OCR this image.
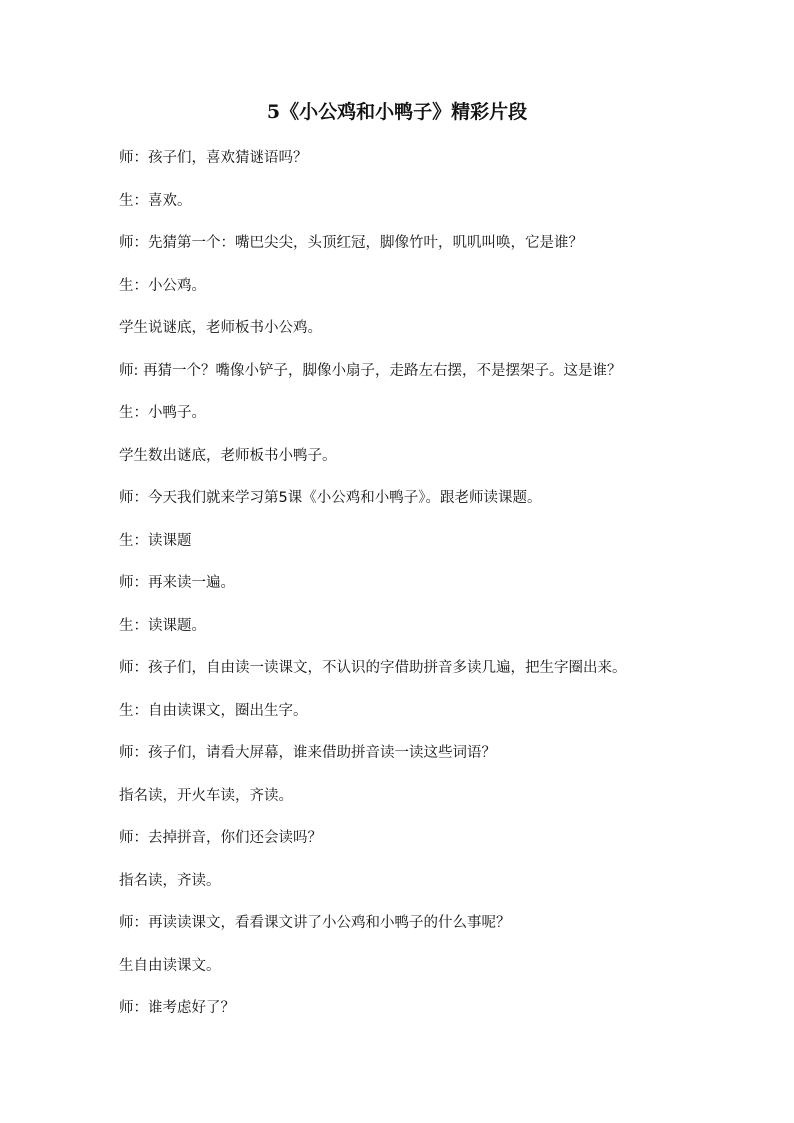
5《小公鸡和小鸭子》精彩片段
师：孩子们，喜欢猜谜语吗？
生：喜欢。
师：先猜第一个：嘴巴尖尖，头顶红冠，脚像竹叶，叽叽叫唤，它是谁？
生：小公鸡。
学生说谜底，老师板书小公鸡。
师: 再猜一个？嘴像小铲子，脚像小扇子，走路左右摆，不是摆架子。这是谁？
生：小鸭子。
学生数出谜底，老师板书小鸭子。
师：今天我们就来学习第5课《小公鸡和小鸭子》。跟老师读课题。
生：读课题
师：再来读一遍。
生：读课题。
师：孩子们，自由读一读课文，不认识的字借助拼音多读几遍，把生字圈出来。
生：自由读课文，圈出生字。
师：孩子们，请看大屏幕，谁来借助拼音读一读这些词语？
指名读，开火车读，齐读。
师：去掉拼音，你们还会读吗？
指名读，齐读。
师：再读读课文，看看课文讲了小公鸡和小鸭子的什么事呢？
生自由读课文。
师：谁考虑好了？
